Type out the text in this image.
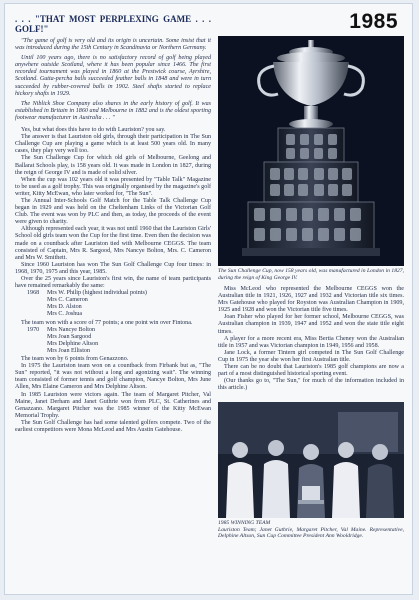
1985
. . . "THAT MOST PERPLEXING GAME . . . GOLF!"

"The game of golf is very old and its origin is uncertain. Some insist that it was introduced during the 15th Century in Scandinavia or Northern Germany.

Until 100 years ago, there is no satisfactory record of golf being played anywhere outside Scotland, where it has been popular since 1466. The first recorded tournament was played in 1860 at the Prestwick course, Ayrshire, Scotland. Gutta-percha balls succeeded feather balls in 1848 and were in turn succeeded by rubber-covered balls in 1902. Steel shafts started to replace hickory shafts in 1929.

The Niblick Shoe Company also shares in the early history of golf. It was established in Britain in 1860 and Melbourne in 1882 and is the oldest sporting footwear manufacturer in Australia . . . "

Yes, but what does this have to do with Lauriston? you say.

The answer is that Lauriston old girls, through their participation in The Sun Challenge Cup are playing a game which is at least 500 years old. In many cases, they play very well too.

The Sun Challenge Cup for which old girls of Melbourne, Geelong and Ballarat Schools play, is 158 years old. It was made in London in 1827, during the reign of George IV and is made of solid silver.

When the cup was 102 years old it was presented by "Table Talk" Magazine to be used as a golf trophy. This was originally organised by the magazine's golf writer, Kitty McEwan, who later worked for, "The Sun".

The Annual Inter-Schools Golf Match for the Table Talk Challenge Cup began in 1929 and was held on the Cheltenham Links of the Victorian Golf Club. The event was won by PLC and then, as today, the proceeds of the event were given to charity.

Although represented each year, it was not until 1960 that the Lauriston Girls' School old girls team won the Cup for the first time. Even then the decision was made on a countback after Lauriston tied with Melbourne CEGGS. The team consisted of Captain, Mrs R. Sargood, Mrs Nancye Bolton, Mrs. C. Cameron and Mrs W. Smithett.

Since 1960 Lauriston has won The Sun Golf Challenge Cup four times: in 1968, 1970, 1975 and this year, 1985.

Over the 25 years since Lauriston's first win, the name of team participants have remained remarkably the same:

1968	Mrs W. Philip (highest individual points)
Mrs C. Cameron
Mrs D. Alston
Mrs C. Joshua

The team won with a score of 77 points; a one point win over Fintona.

1970	Mrs Nancye Bolton
Mrs Joan Sargood
Mrs Delphine Altson
Mrs Joan Elliston

The team won by 6 points from Genazzono.

In 1975 the Lauriston team won on a countback from Firbank but as, "The Sun" reported, "it was not without a long and agonizing wait". The winning team consisted of former tennis and golf champion, Nancye Bolton, Mrs June Allen, Mrs Elaine Cameron and Mrs Delphine Altson.

In 1985 Lauriston were victors again. The team of Margaret Pitcher, Val Maine, Janet Derham and Janet Guthrie won from PLC, St. Catherines and Genazzano. Margaret Pitcher was the 1985 winner of the Kitty McEwan Memorial Trophy.

The Sun Golf Challenge has had some talented golfers compete. Two of the earliest competitors were Mona McLeod and Mrs Austin Gatehouse.

The Sun Challenge Cup, now 158 years old, was manufactured in London in 1827, during the reign of King George IV.

Miss McLeod who represented the Melbourne CEGGS won the Australian title in 1921, 1926, 1927 and 1932 and Victorian title six times. Mrs Gatehouse who played for Royston was Australian Champion in 1909, 1925 and 1928 and won the Victorian title five times.

Joan Fisher who played for her former school, Melbourne CEGGS, was Australian champion in 1939, 1947 and 1952 and won the state title eight times.

A player for a more recent era, Miss Bertia Cheney won the Australian title in 1957 and was Victorian champion in 1949, 1956 and 1958.

Jane Lock, a former Tintern girl competed in The Sun Golf Challenge Cup in 1975 the year she won her first Australian title.

There can be no doubt that Lauriston's 1985 golf champions are now a part of a most distinguished historical sporting event.

(Our thanks go to, "The Sun," for much of the information included in this article.)

1985 WINNING TEAM
Lauriston Team; Janet Guthrie, Margaret Pitcher, Val Maine. Representative, Delphine Altson, Sun Cup Committee President Ann Wooldridge.
